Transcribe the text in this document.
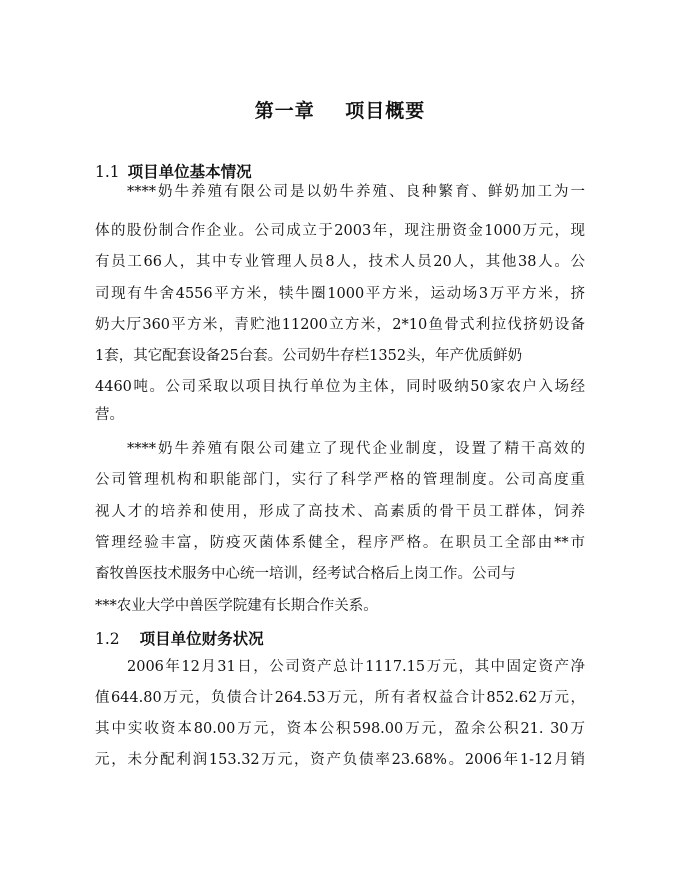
第一章    项目概要
1.1 项目单位基本情况

****奶牛养殖有限公司是以奶牛养殖、良种繁育、鲜奶加工为一

体的股份制合作企业。公司成立于2003年，现注册资金1000万元，现

有员工66人，其中专业管理人员8人，技术人员20人，其他38人。公

司现有牛舍4556平方米，犊牛圈1000平方米，运动场3万平方米，挤

奶大厅360平方米，青贮池11200立方米，2*10鱼骨式利拉伐挤奶设备

1套，其它配套设备25台套。公司奶牛存栏1352头，年产优质鲜奶

4460吨。公司采取以项目执行单位为主体，同时吸纳50家农户入场经

营。

****奶牛养殖有限公司建立了现代企业制度，设置了精干高效的

公司管理机构和职能部门，实行了科学严格的管理制度。公司高度重

视人才的培养和使用，形成了高技术、高素质的骨干员工群体，饲养

管理经验丰富，防疫灭菌体系健全，程序严格。在职员工全部由**市

畜牧兽医技术服务中心统一培训，经考试合格后上岗工作。公司与

***农业大学中兽医学院建有长期合作关系。

1.2 项目单位财务状况

2006年12月31日，公司资产总计1117.15万元，其中固定资产净

值644.80万元，负债合计264.53万元，所有者权益合计852.62万元，

其中实收资本80.00万元，资本公积598.00万元，盈余公积21. 30万

元，未分配利润153.32万元，资产负债率23.68%。2006年1-12月销
